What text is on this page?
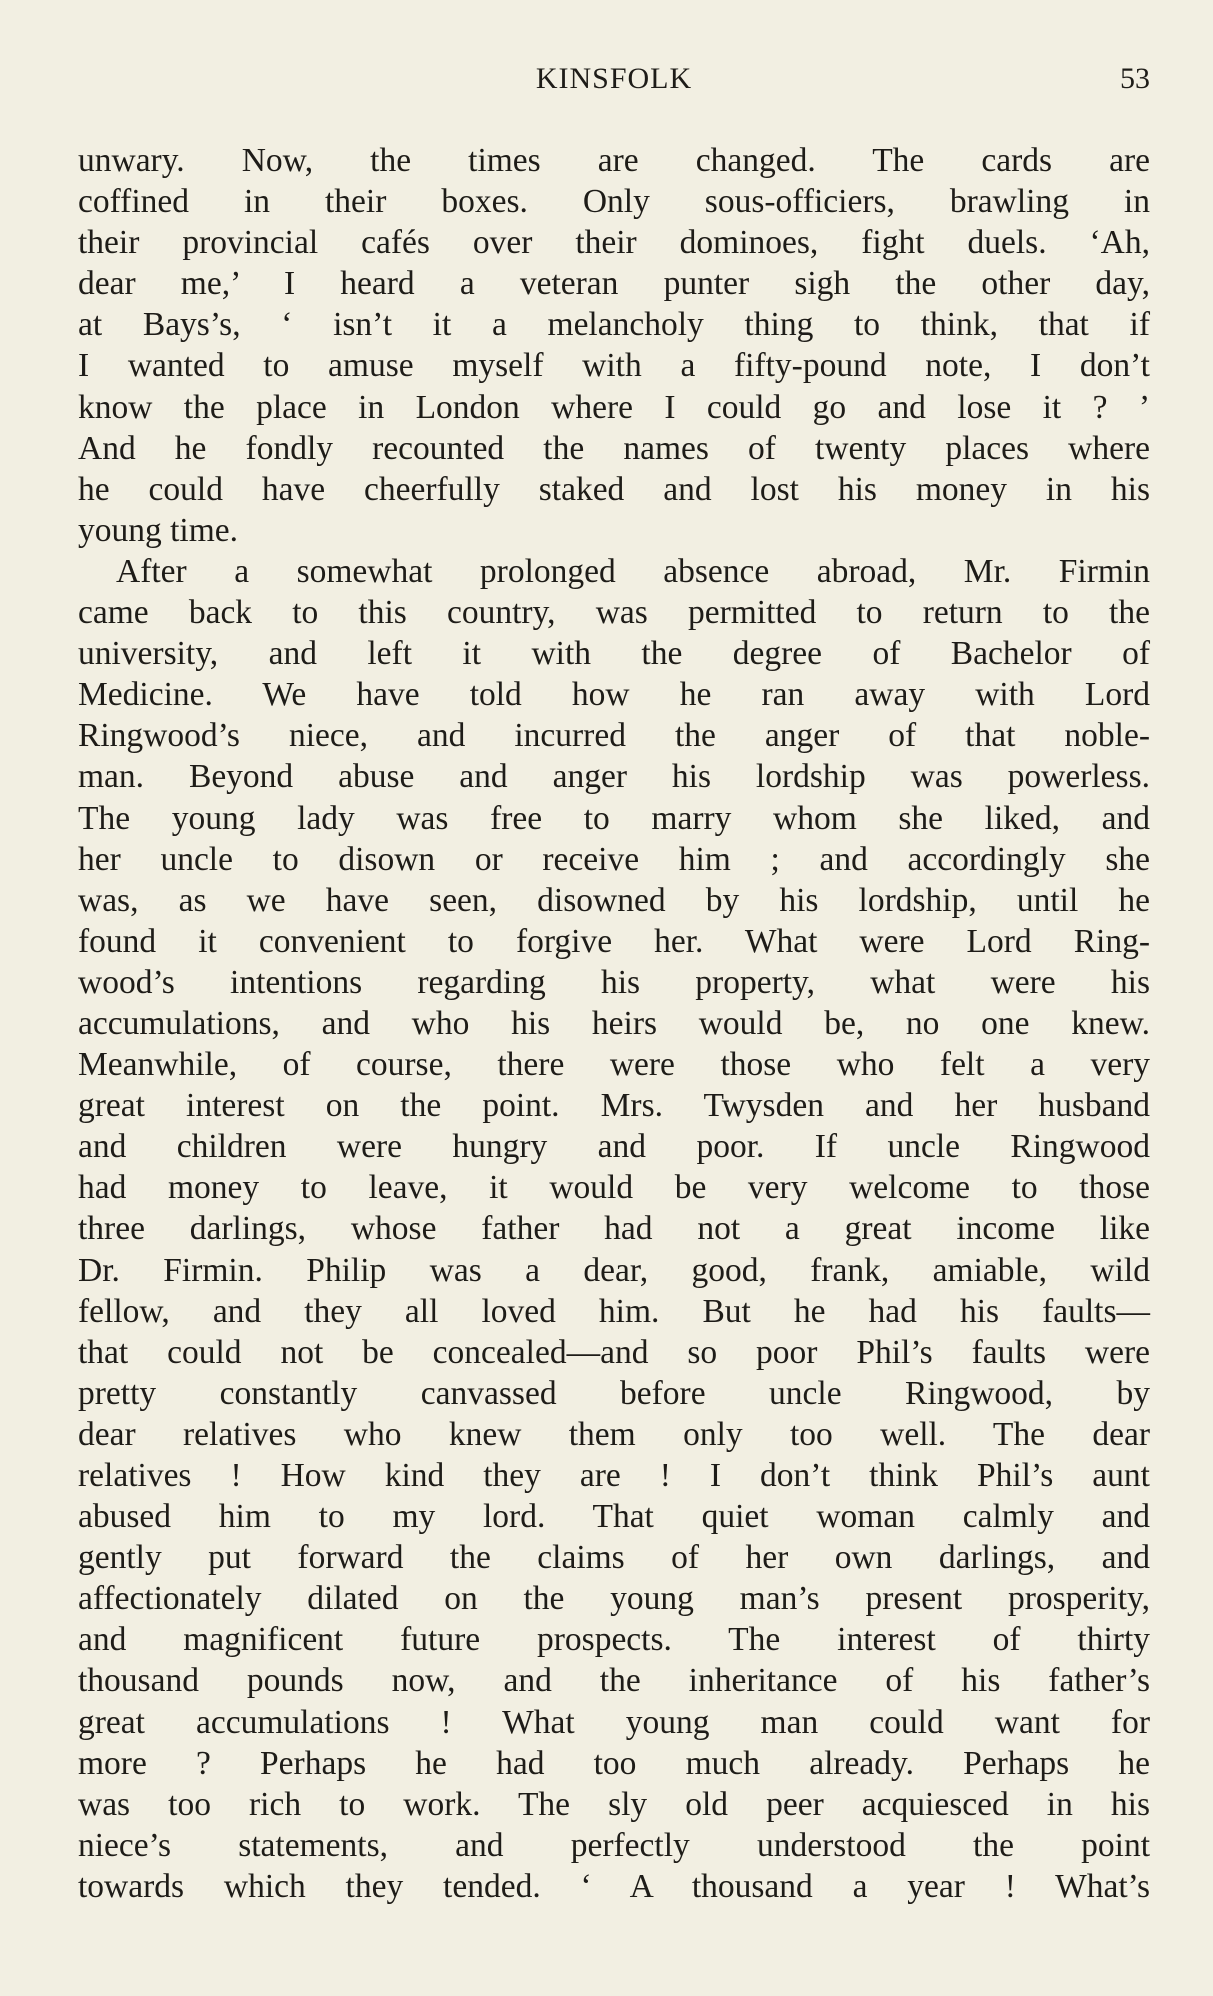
KINSFOLK	53
unwary. Now, the times are changed. The cards are
coffined in their boxes. Only sous-officiers, brawling in
their provincial cafés over their dominoes, fight duels. ‘Ah,
dear me,’ I heard a veteran punter sigh the other day,
at Bays’s, ‘ isn’t it a melancholy thing to think, that if
I wanted to amuse myself with a fifty-pound note, I don’t
know the place in London where I could go and lose it ? ’
And he fondly recounted the names of twenty places where
he could have cheerfully staked and lost his money in his
young time.
After a somewhat prolonged absence abroad, Mr. Firmin
came back to this country, was permitted to return to the
university, and left it with the degree of Bachelor of
Medicine. We have told how he ran away with Lord
Ringwood’s niece, and incurred the anger of that noble-
man. Beyond abuse and anger his lordship was powerless.
The young lady was free to marry whom she liked, and
her uncle to disown or receive him ; and accordingly she
was, as we have seen, disowned by his lordship, until he
found it convenient to forgive her. What were Lord Ring-
wood’s intentions regarding his property, what were his
accumulations, and who his heirs would be, no one knew.
Meanwhile, of course, there were those who felt a very
great interest on the point. Mrs. Twysden and her husband
and children were hungry and poor. If uncle Ringwood
had money to leave, it would be very welcome to those
three darlings, whose father had not a great income like
Dr. Firmin. Philip was a dear, good, frank, amiable, wild
fellow, and they all loved him. But he had his faults—
that could not be concealed—and so poor Phil’s faults were
pretty constantly canvassed before uncle Ringwood, by
dear relatives who knew them only too well. The dear
relatives ! How kind they are ! I don’t think Phil’s aunt
abused him to my lord. That quiet woman calmly and
gently put forward the claims of her own darlings, and
affectionately dilated on the young man’s present prosperity,
and magnificent future prospects. The interest of thirty
thousand pounds now, and the inheritance of his father’s
great accumulations ! What young man could want for
more ? Perhaps he had too much already. Perhaps he
was too rich to work. The sly old peer acquiesced in his
niece’s statements, and perfectly understood the point
towards which they tended. ‘ A thousand a year ! What’s
